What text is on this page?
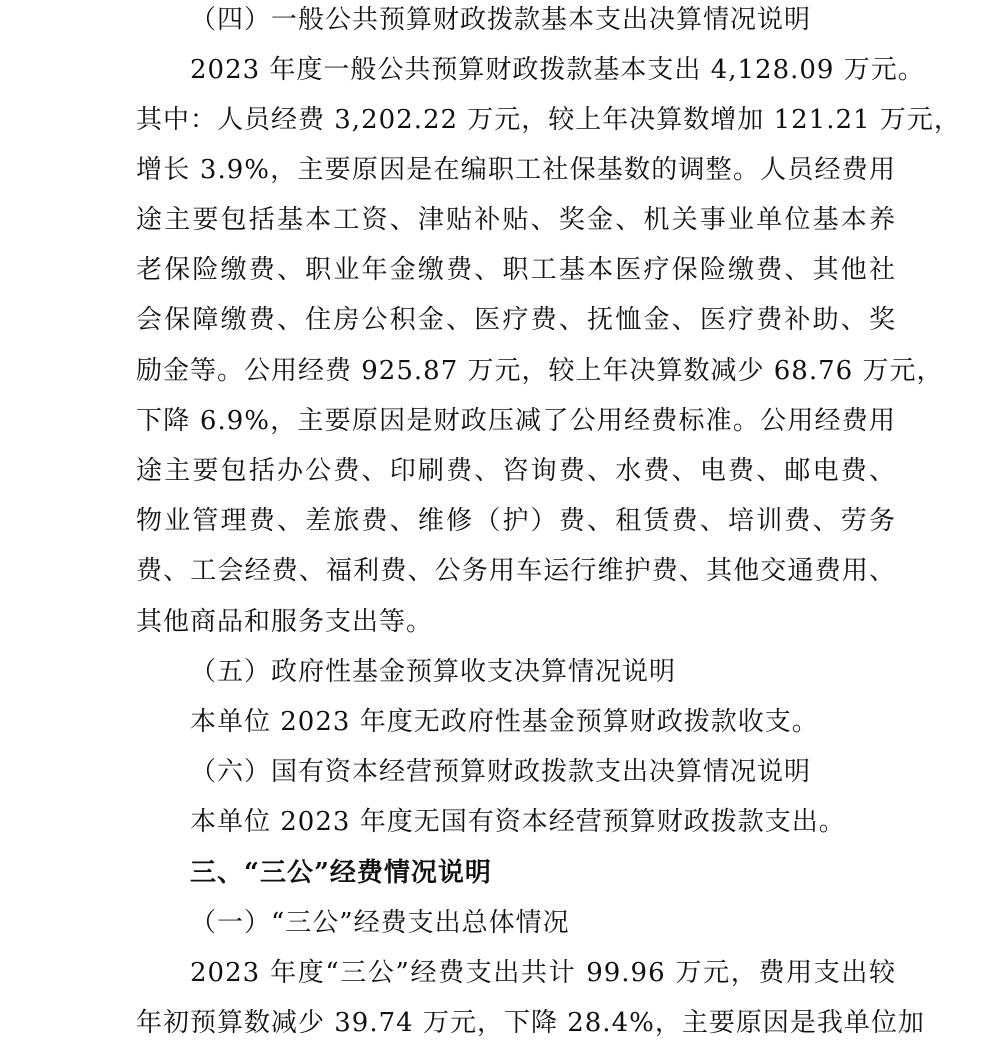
（四）一般公共预算财政拨款基本支出决算情况说明
2023 年度一般公共预算财政拨款基本支出 4,128.09 万元。
其中：人员经费 3,202.22 万元，较上年决算数增加 121.21 万元，
增长 3.9%，主要原因是在编职工社保基数的调整。人员经费用
途主要包括基本工资、津贴补贴、奖金、机关事业单位基本养
老保险缴费、职业年金缴费、职工基本医疗保险缴费、其他社
会保障缴费、住房公积金、医疗费、抚恤金、医疗费补助、奖
励金等。公用经费 925.87 万元，较上年决算数减少 68.76 万元，
下降 6.9%，主要原因是财政压减了公用经费标准。公用经费用
途主要包括办公费、印刷费、咨询费、水费、电费、邮电费、
物业管理费、差旅费、维修（护）费、租赁费、培训费、劳务
费、工会经费、福利费、公务用车运行维护费、其他交通费用、
其他商品和服务支出等。
（五）政府性基金预算收支决算情况说明
本单位 2023 年度无政府性基金预算财政拨款收支。
（六）国有资本经营预算财政拨款支出决算情况说明
本单位 2023 年度无国有资本经营预算财政拨款支出。
三、“三公”经费情况说明
（一）“三公”经费支出总体情况
2023 年度“三公”经费支出共计 99.96 万元，费用支出较
年初预算数减少 39.74 万元，下降 28.4%，主要原因是我单位加
